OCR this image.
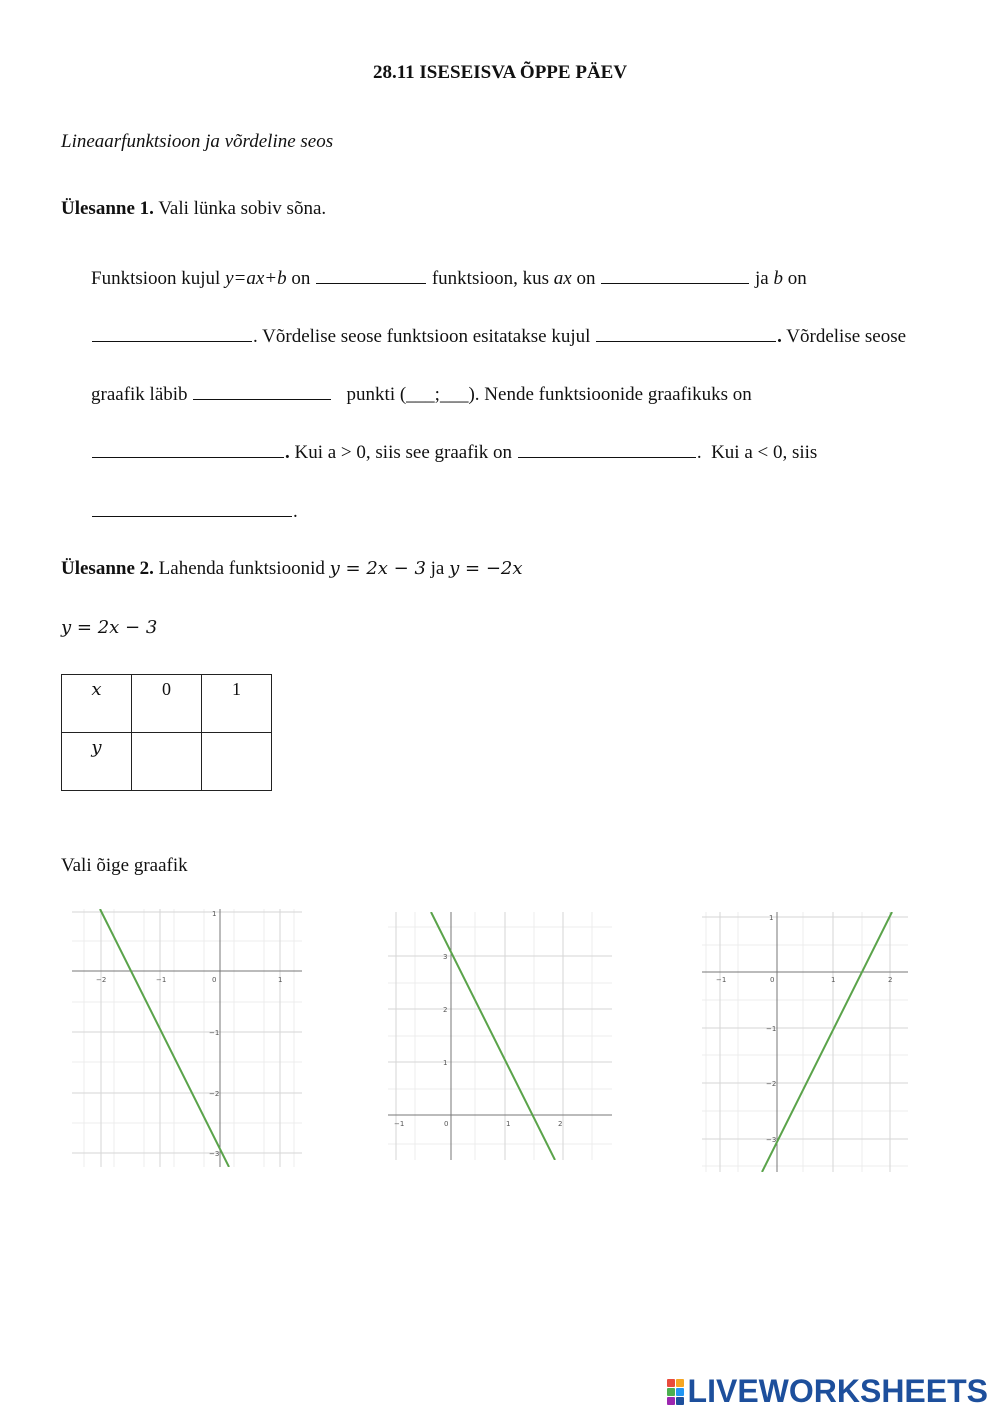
28.11 ISESEISVA ÕPPE PÄEV
Lineaarfunktsioon ja võrdeline seos
Ülesanne 1. Vali lünka sobiv sõna.
Funktsioon kujul y=ax+b on	funktsioon, kus ax on	ja b on
. Võrdelise seose funktsioon esitatakse kujul	. Võrdelise seose
graafik läbib	punkti (___;___). Nende funktsioonide graafikuks on
. Kui a > 0, siis see graafik on	.  Kui a < 0, siis
.
Ülesanne 2. Lahenda funktsioonid y = 2x − 3 ja y = −2x
y = 2x − 3
x	0	1
y		
Vali õige graafik
−2	−1	0	1
1
−1
−2
−3
−1	0	1	2
3
2
1
−1	0	1	2
1
−1
−2
−3
LIVEWORKSHEETS
